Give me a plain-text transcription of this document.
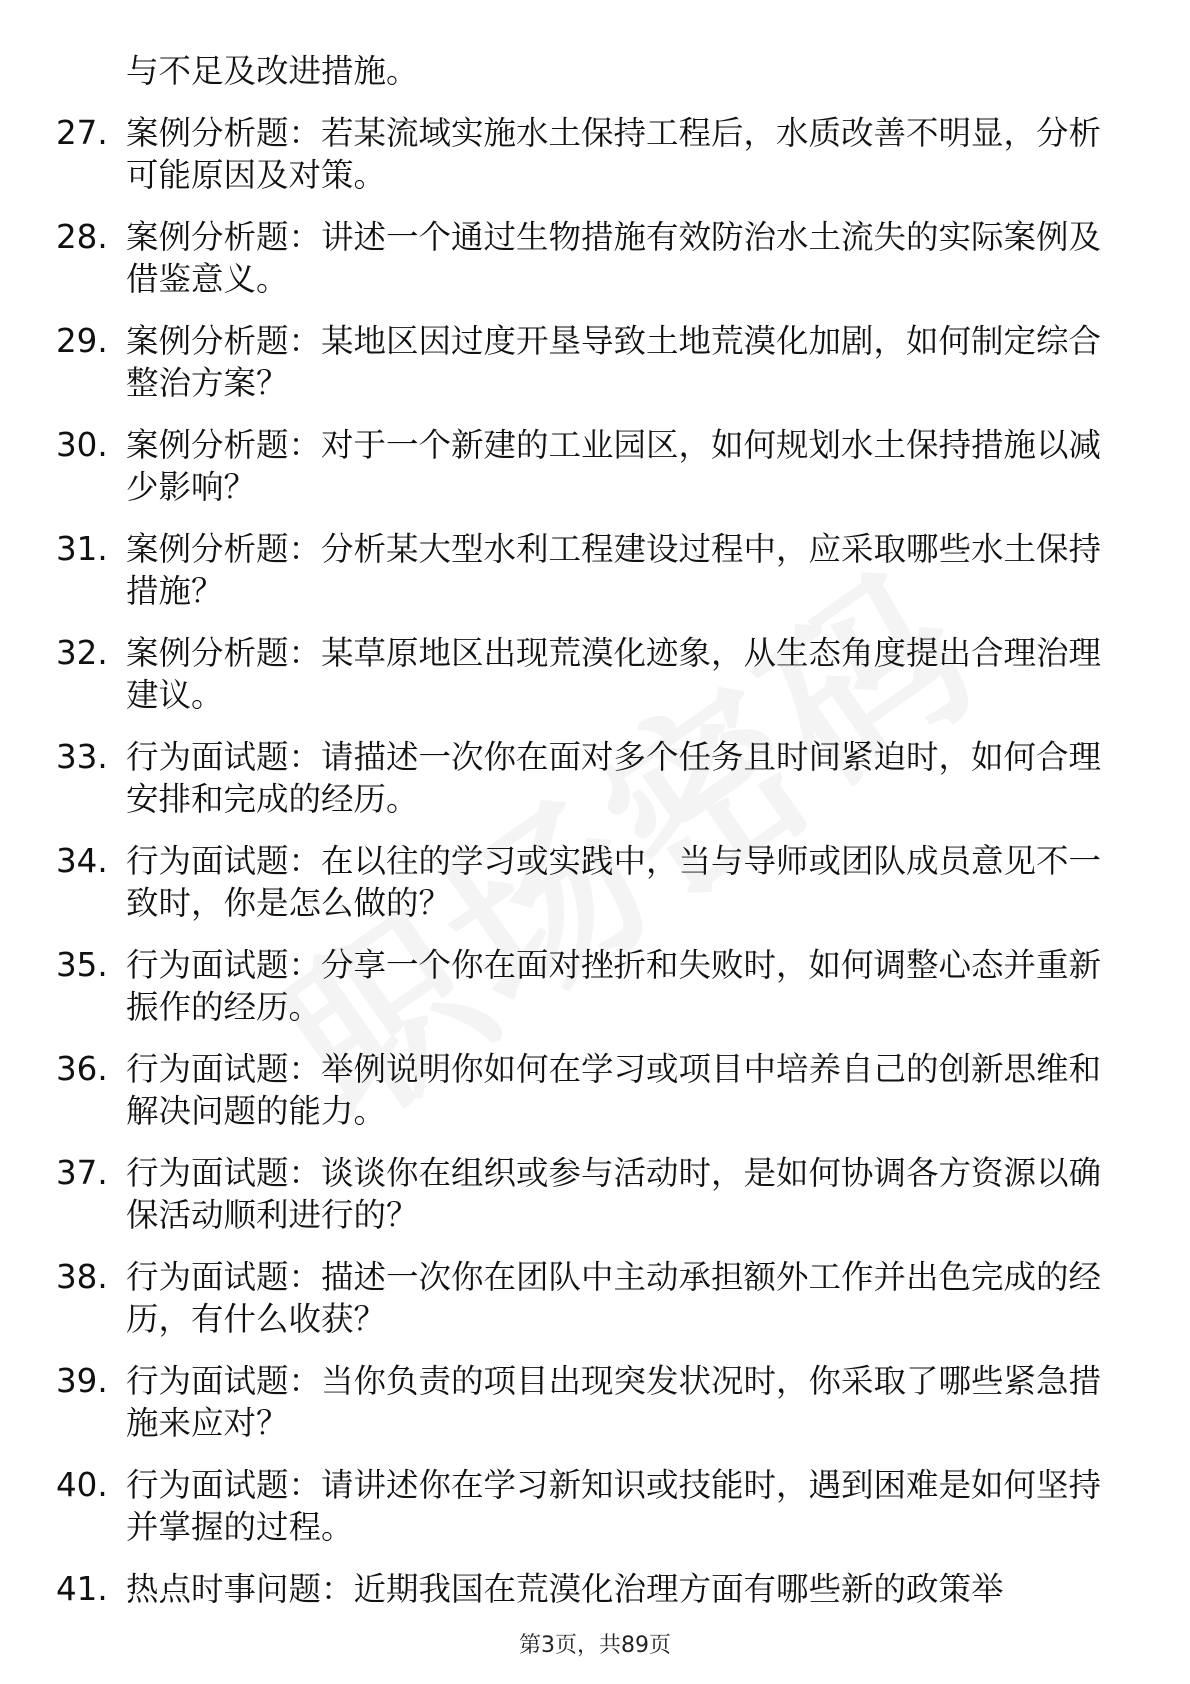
与不足及改进措施。
27. 案例分析题：若某流域实施水土保持工程后，水质改善不明显，分析可能原因及对策。
28. 案例分析题：讲述一个通过生物措施有效防治水土流失的实际案例及借鉴意义。
29. 案例分析题：某地区因过度开垦导致土地荒漠化加剧，如何制定综合整治方案？
30. 案例分析题：对于一个新建的工业园区，如何规划水土保持措施以减少影响？
31. 案例分析题：分析某大型水利工程建设过程中，应采取哪些水土保持措施？
32. 案例分析题：某草原地区出现荒漠化迹象，从生态角度提出合理治理建议。
33. 行为面试题：请描述一次你在面对多个任务且时间紧迫时，如何合理安排和完成的经历。
34. 行为面试题：在以往的学习或实践中，当与导师或团队成员意见不一致时，你是怎么做的？
35. 行为面试题：分享一个你在面对挫折和失败时，如何调整心态并重新振作的经历。
36. 行为面试题：举例说明你如何在学习或项目中培养自己的创新思维和解决问题的能力。
37. 行为面试题：谈谈你在组织或参与活动时，是如何协调各方资源以确保活动顺利进行的？
38. 行为面试题：描述一次你在团队中主动承担额外工作并出色完成的经历，有什么收获？
39. 行为面试题：当你负责的项目出现突发状况时，你采取了哪些紧急措施来应对？
40. 行为面试题：请讲述你在学习新知识或技能时，遇到困难是如何坚持并掌握的过程。
41. 热点时事问题：近期我国在荒漠化治理方面有哪些新的政策举
第3页，共89页
